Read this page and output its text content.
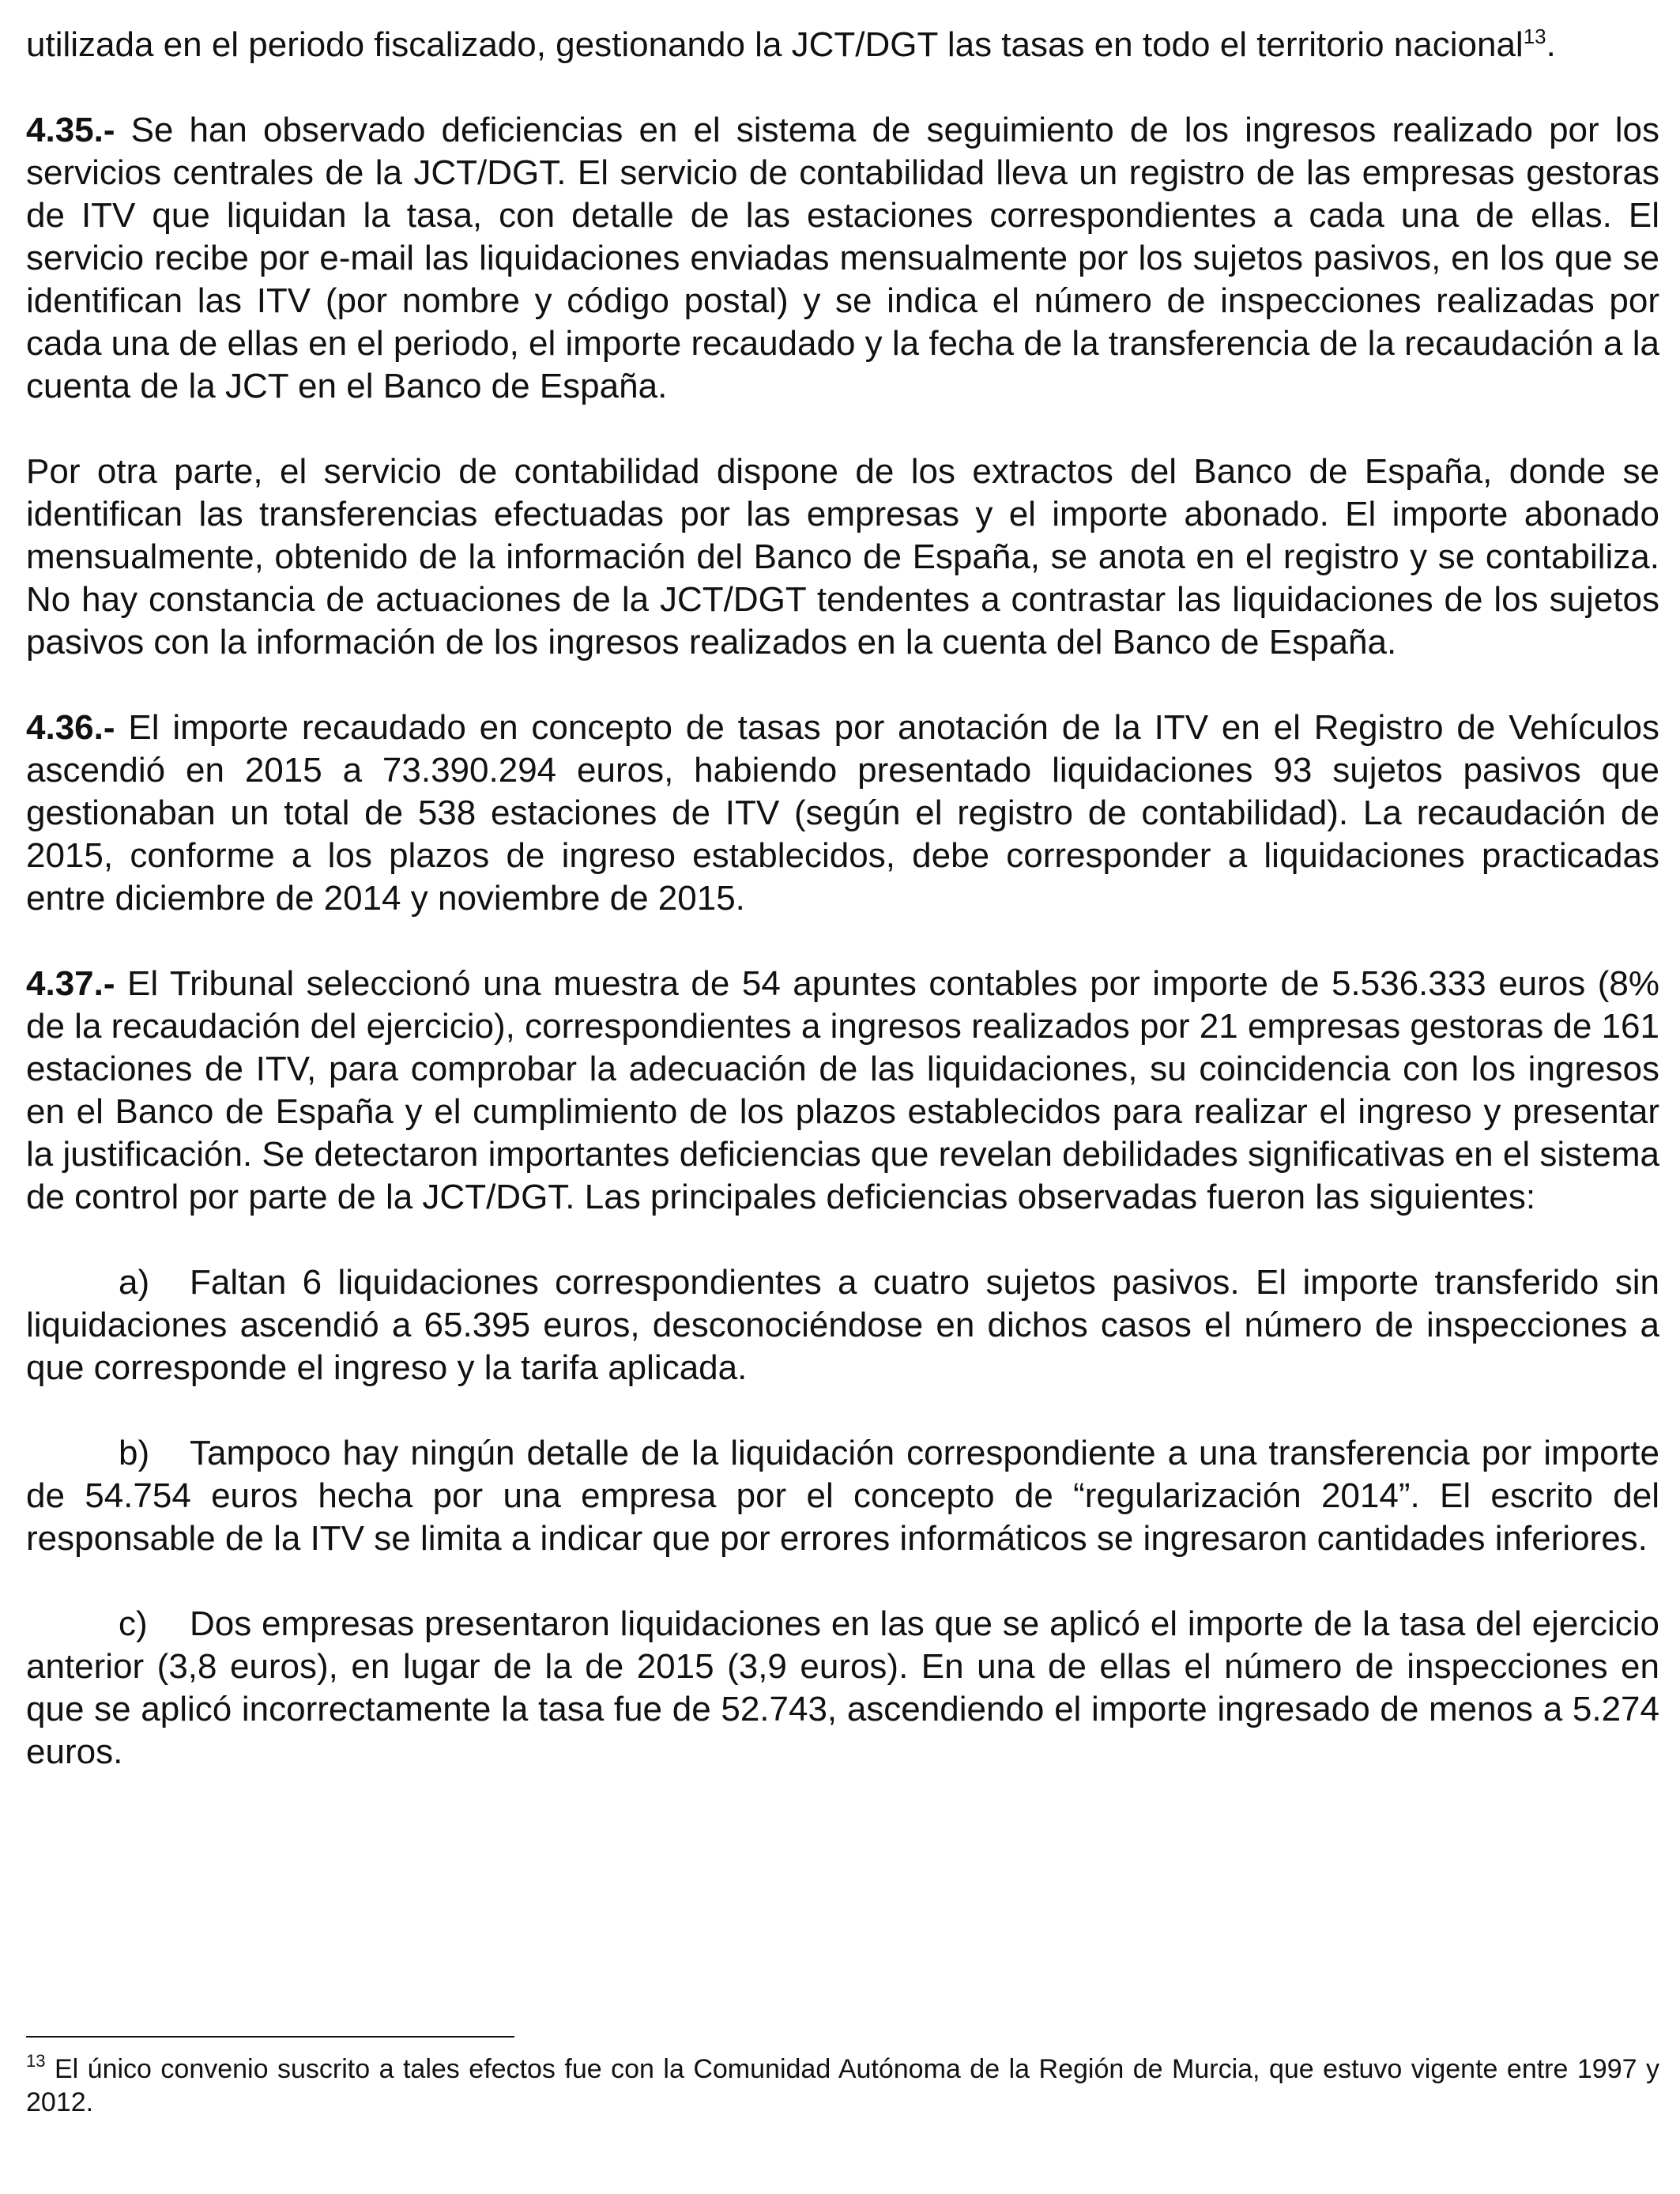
utilizada en el periodo fiscalizado, gestionando la JCT/DGT las tasas en todo el territorio nacional$^{13}$.

4.35.- Se han observado deficiencias en el sistema de seguimiento de los ingresos realizado por los servicios centrales de la JCT/DGT. El servicio de contabilidad lleva un registro de las empresas gestoras de ITV que liquidan la tasa, con detalle de las estaciones correspondientes a cada una de ellas. El servicio recibe por e-mail las liquidaciones enviadas mensualmente por los sujetos pasivos, en los que se identifican las ITV (por nombre y código postal) y se indica el número de inspecciones realizadas por cada una de ellas en el periodo, el importe recaudado y la fecha de la transferencia de la recaudación a la cuenta de la JCT en el Banco de España.

Por otra parte, el servicio de contabilidad dispone de los extractos del Banco de España, donde se identifican las transferencias efectuadas por las empresas y el importe abonado. El importe abonado mensualmente, obtenido de la información del Banco de España, se anota en el registro y se contabiliza. No hay constancia de actuaciones de la JCT/DGT tendentes a contrastar las liquidaciones de los sujetos pasivos con la información de los ingresos realizados en la cuenta del Banco de España.

4.36.- El importe recaudado en concepto de tasas por anotación de la ITV en el Registro de Vehículos ascendió en 2015 a 73.390.294 euros, habiendo presentado liquidaciones 93 sujetos pasivos que gestionaban un total de 538 estaciones de ITV (según el registro de contabilidad). La recaudación de 2015, conforme a los plazos de ingreso establecidos, debe corresponder a liquidaciones practicadas entre diciembre de 2014 y noviembre de 2015.

4.37.- El Tribunal seleccionó una muestra de 54 apuntes contables por importe de 5.536.333 euros (8% de la recaudación del ejercicio), correspondientes a ingresos realizados por 21 empresas gestoras de 161 estaciones de ITV, para comprobar la adecuación de las liquidaciones, su coincidencia con los ingresos en el Banco de España y el cumplimiento de los plazos establecidos para realizar el ingreso y presentar la justificación. Se detectaron importantes deficiencias que revelan debilidades significativas en el sistema de control por parte de la JCT/DGT. Las principales deficiencias observadas fueron las siguientes:

a) Faltan 6 liquidaciones correspondientes a cuatro sujetos pasivos. El importe transferido sin liquidaciones ascendió a 65.395 euros, desconociéndose en dichos casos el número de inspecciones a que corresponde el ingreso y la tarifa aplicada.

b) Tampoco hay ningún detalle de la liquidación correspondiente a una transferencia por importe de 54.754 euros hecha por una empresa por el concepto de “regularización 2014”. El escrito del responsable de la ITV se limita a indicar que por errores informáticos se ingresaron cantidades inferiores.

c) Dos empresas presentaron liquidaciones en las que se aplicó el importe de la tasa del ejercicio anterior (3,8 euros), en lugar de la de 2015 (3,9 euros). En una de ellas el número de inspecciones en que se aplicó incorrectamente la tasa fue de 52.743, ascendiendo el importe ingresado de menos a 5.274 euros.

$^{13}$ El único convenio suscrito a tales efectos fue con la Comunidad Autónoma de la Región de Murcia, que estuvo vigente entre 1997 y 2012.
